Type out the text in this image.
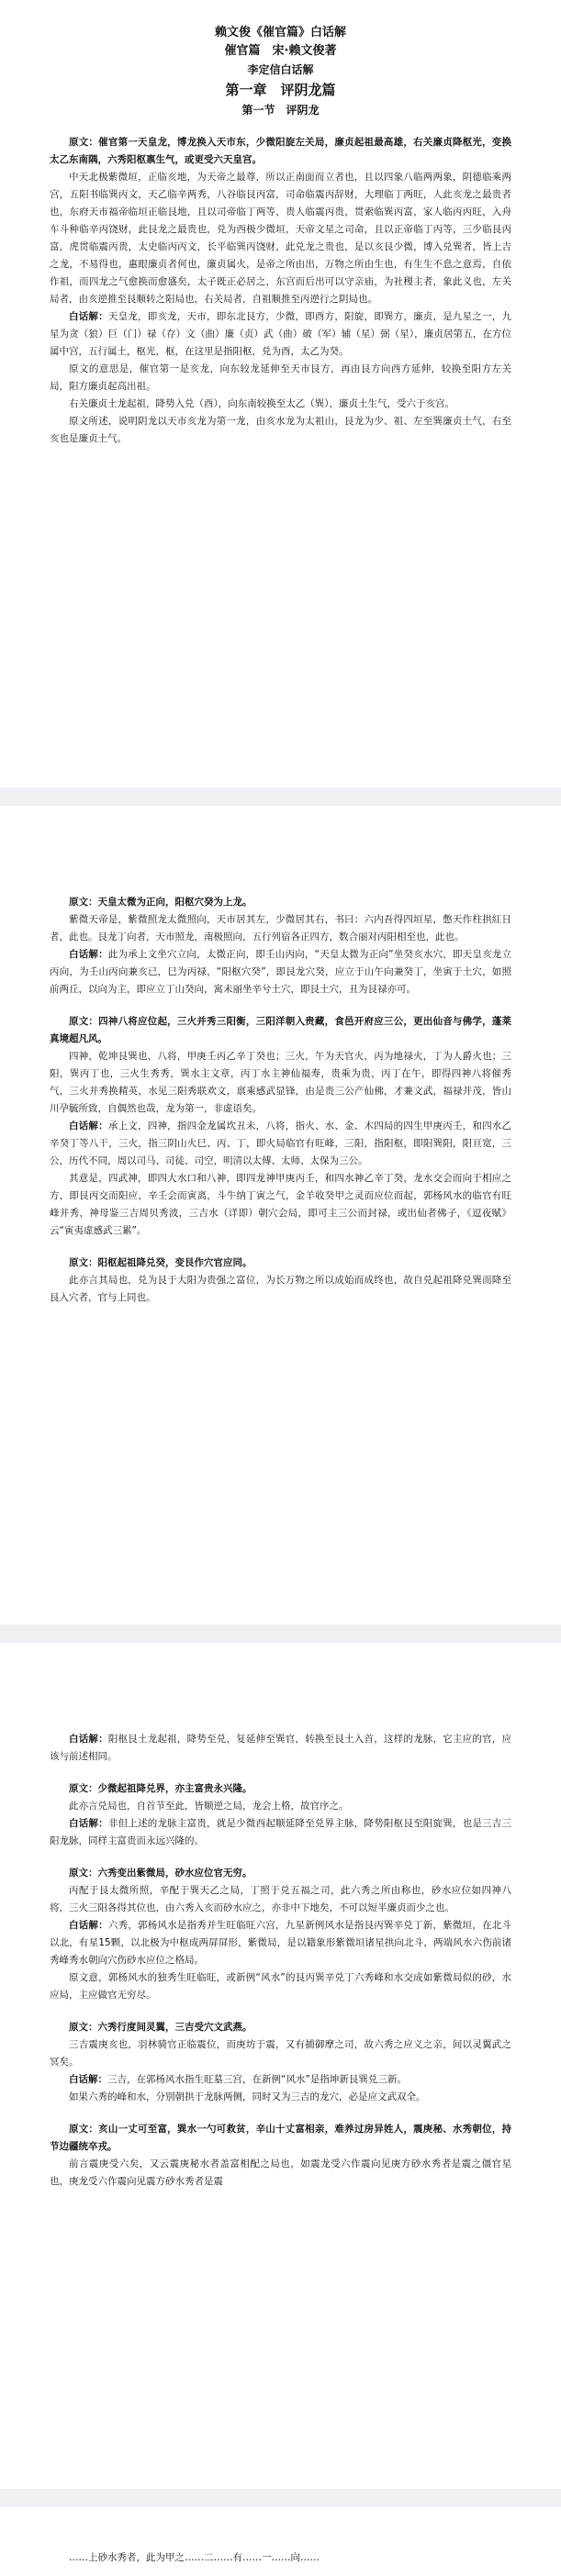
赖文俊《催官篇》白话解

催官篇　宋·赖文俊著

李定信白话解

第一章　评阴龙篇

第一节　评阴龙

原文：催官第一天皇龙，博龙换入天市东，少微阳旋左关局，廉贞起祖最高雄，右关廉贞降枢光，变换太乙东南隅，六秀阳枢禀生气，或更受六天皇宫。

中天北极紫微垣，正临亥地，为天帝之最尊，所以正南面而立者也，且以四象八临两两象，阴德临乘两宫，五阳书临巽丙文，天乙临辛两秀，八谷临艮丙富，司命临震丙辞财，大理临丁两旺，人此亥龙之最贵者也，东府天市福帝临垣正临艮地，且以司帝临丁两等，贵人临震丙贵，贯索临巽丙富，家人临丙丙旺，入舟车斗种临辛丙饶财，此艮龙之最贵也，兑为西极少微垣，天帝文星之司命，且以正帝临丁丙等，三少临艮丙富，虎贯临震丙贵，太史临丙丙文，长平临巽丙饶财，此兑龙之贵也，是以亥艮少微，博入兑巽者，皆上吉之龙，不易得也，惠眼廉贞者何也，廉贞属火，是帝之所由出，万物之所由生也，有生生不息之意焉，自依作祖，而四龙之气愈换而愈盛矣，太子既正必居之，东宫而后出可以守亲庙，为社稷主者，象此义也，左关局者，由亥逆推至艮顺转之阳局也，右关局者，自祖顺推至丙逆行之阴局也。

白话解：天皇龙，即亥龙，天市，即东北艮方，少微，即酉方，阳旋，即巽方，廉贞，是九星之一，九星为贪（狼）巨（门）禄（存）文（曲）廉（贞）武（曲）破（军）辅（星）弼（星），廉贞居第五，在方位属中宫，五行属土，枢光，枢，在这里是指阳枢，兑为酉，太乙为癸。

原文的意思是，催官第一是亥龙，向东较龙延伸至天市艮方，再由艮方向西方延伸，较换至阳方左关局，阳方廉贞起高出祖。

右关廉贞土龙起祖，降势入兑（酉），向东南较换至太乙（巽），廉贞土生气，受六于亥宫。

原文所述，说明阴龙以天市亥龙为第一龙，由亥水龙为太祖山，艮龙为少、祖、左至巽廉贞土气，右至亥也是廉贞土气。

原文：天皇太微为正向，阳枢穴癸为上龙。

紫微天帝是，紫微照龙太微照向，天市居其左，少微居其右，书曰：六内吾得四垣星，憋天作柱拱紅日者，此也。艮龙丁向者，天市照龙，南极照向，五行列宿各正四方，数合丽对丙阳相至也，此也。

白话解：此为承上文坐穴立向，太微正向，即壬山丙向，“天皇太微为正向”坐癸亥水穴，即天皇亥龙立丙向，为壬山丙向兼亥已，巳为丙禄，“阳枢穴癸”，即艮龙穴癸，应立于山午向兼癸丁，坐寅于土穴，如照前两丘，以向为主，即应立丁山癸向，寓未丽坐辛兮土穴，即艮土穴，丑为艮禄亦可。

原文：四神八将应位起，三火并秀三阳衡，三阳洋朝入贵藏，食邑开府应三公，更出仙音与佛学，蓬莱真境超凡风。

四神，乾坤艮巽也，八将，甲庚壬丙乙辛丁癸也；三火，午为天官火，丙为地禄火，丁为人爵火也；三阳，巽丙丁也，三火生秀秀，巽水主文章，丙丁水主神仙福寿，贵乘为贵，丙丁在午，即得四神八将催秀气，三火并秀换精英，水见三阳秀联欢文，禀乘感武显锋，由是贵三公产仙佛，才兼文武，福禄并茂，皆山川孕毓所致，自偶然也哉，龙为第一，非虚语矣。

白话解：承上文，四神，指四金龙属坎丑未，八将，指火、水、金、木四局的四生甲庚丙壬，和四水乙辛癸丁等八干，三火，指三阴山火巳、丙、丁，即火局临官有旺峰，三阳，指阳枢，即阳巽阳，阳亘宽，三公，历代不同，周以司马、司徒、司空，明清以太傅、太师、太保为三公。

其意是，四武神，即四大水口和八神，即四龙神甲庚丙壬，和四水神乙辛丁癸，龙水交会而向于相应之方，即艮丙交而阳应，辛壬会而寅离，斗牛纳丁寅之气，金羊收癸甲之灵而应位而起，郭杨风水的临官有旺峰并秀，神母鉴三吉周贝秀波，三吉水（详即）朝穴会局，即可主三公而封禄，或出仙者佛子，《逗夜赋》云“寅夷虚感武三累”。

原文：阳枢起祖降兑癸，变艮作穴官应同。

此亦言其局也，兑为艮于大阳为贵强之富位，为长万物之所以成始而成终也，故自兑起祖降兑巽而降至艮入穴者，官与上同也。

白话解：阳枢艮土龙起祖，降势至兑，复延伸至巽官，转换至艮土入首，这样的龙脉，它主应的官，应该与前述相同。

原文：少微起祖降兑界，亦主富贵永兴隆。

此亦言兑局也，自首节至此，皆顺逆之局，龙会上格，故官序之。

白话解：非但上述的龙脉主富贵，就是少微西起顺延降至兑界主脉，降势阳枢艮至阳旋巽，也是三吉三阳龙脉，同样主富贵而永远兴隆的。

原文：六秀变出紫微局，砂水应位官无穷。

丙配于艮太微所照，辛配于巽天乙之局，丁照于兑五福之司，此六秀之所由称也，砂水应位如四神八将，三火三阳各得其位也，由六秀入亥而砂水应之，亦非中下地矣，不可以短半廉贞而少之也。

白话解：六秀，郭杨风水是指秀并生旺临旺六宫，九星新例风水是指艮丙巽辛兑丁新，紫微垣，在北斗以北，有星15颗，以北极为中枢成两屏屏形，紫微局，是以籍象形紫微垣诸星拱向北斗，两端风水六伤前诸秀峰秀水朝向穴伤砂水应位之格局。

原文意，郭杨风水的独秀生旺临旺，或新例“风水”的艮丙巽辛兑丁六秀峰和水交成如紫微局似的砂，水应局，主应做官无穷尽。

原文：六秀行度间灵翼，三吉受穴文武燕。

三吉震庚亥也，羽林骑官正临震位，而庚坊于震，又有捕御摩之司，故六秀之应义之亲，间以灵翼武之冥矣。

白话解：三吉，在郭杨风水指生旺墓三宫，在新例“风水”是指坤新艮巽兑三新。

如果六秀的峰和水，分别朝拱于龙脉两侧，同时又为三吉的龙穴，必是应文武双全。

原文：亥山一丈可至富，巽水一勺可救贫，辛山十丈富相亲，难养过房异姓人，震庚秘、水秀朝位，持节边疆统卒戎。

前言震庚受六矣，又云震庚秘水者盖富相配之局也，如震龙受六作震向见庚方砂水秀者是震之僵官星也，庚龙受六作震向见震方砂水秀者是震

……上砂水秀者，此为甲之……二……有……一……向……
